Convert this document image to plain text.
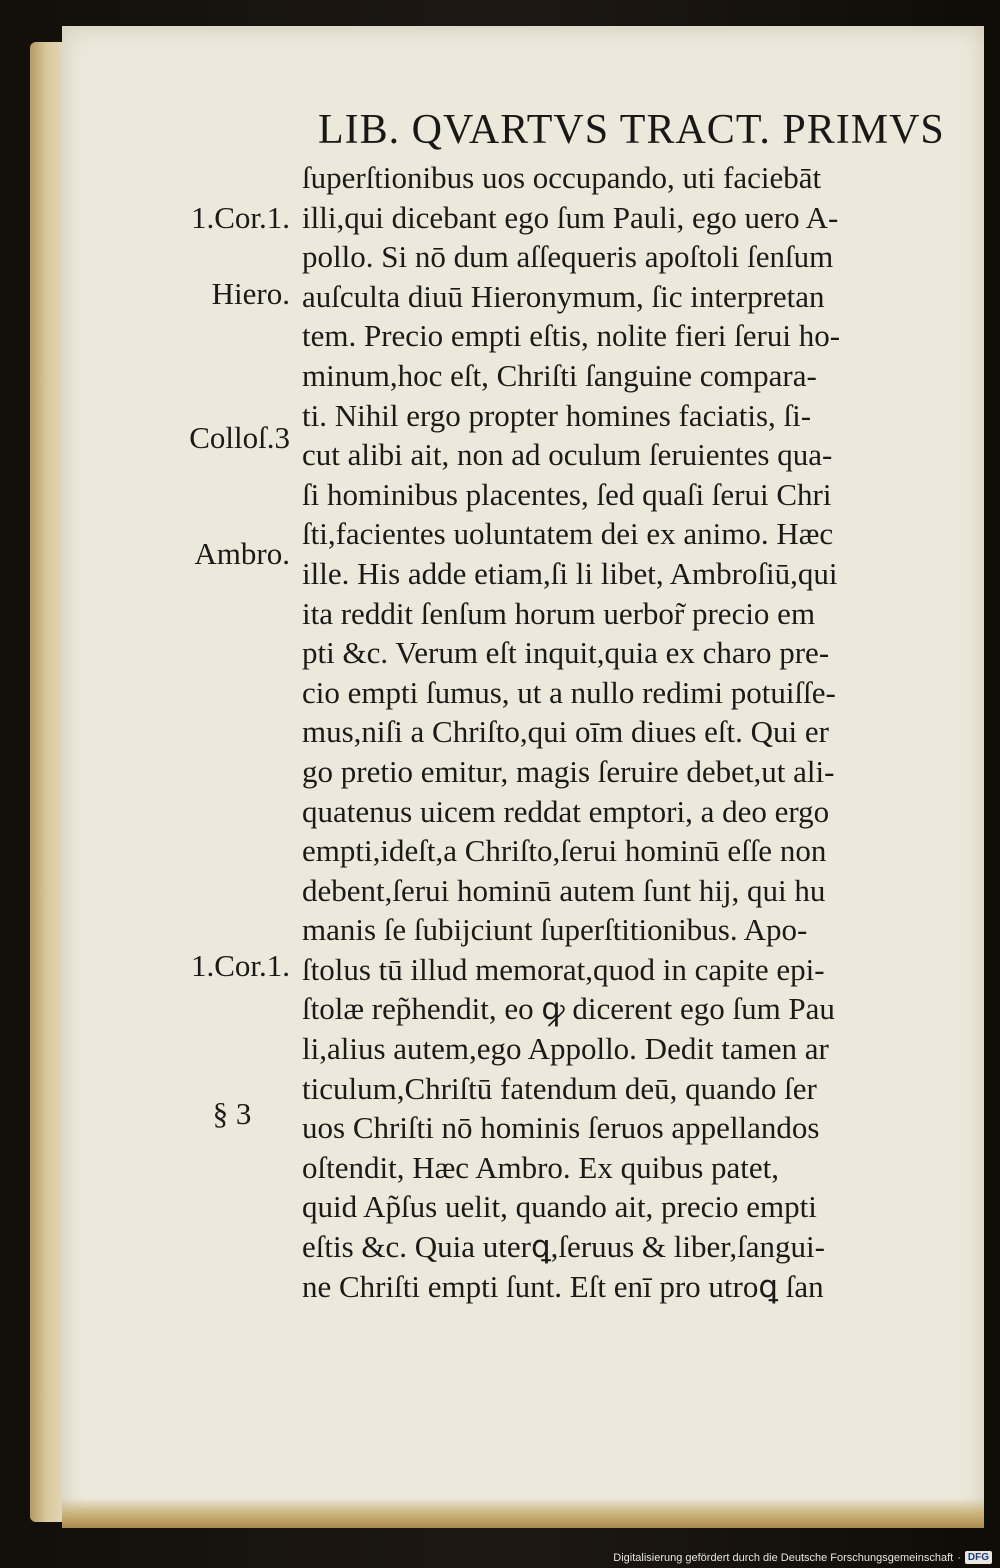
LIB. QVARTVS TRACT. PRIMVS
ſuperſtionibus uos occupando, uti faciebāt
illi,qui dicebant ego ſum Pauli, ego uero A-
pollo. Si nō dum aſſequeris apoſtoli ſenſum
auſculta diuū Hieronymum, ſic interpretan
tem. Precio empti eſtis, nolite fieri ſerui ho-
minum,hoc eſt, Chriſti ſanguine compara-
ti. Nihil ergo propter homines faciatis, ſi-
cut alibi ait, non ad oculum ſeruientes qua-
ſi hominibus placentes, ſed quaſi ſerui Chri
ſti,facientes uoluntatem dei ex animo. Hæc
ille. His adde etiam,ſi li libet, Ambroſiū,qui
ita reddit ſenſum horum uerbor̃ precio em
pti &c. Verum eſt inquit,quia ex charo pre-
cio empti ſumus, ut a nullo redimi potuiſſe-
mus,niſi a Chriſto,qui oīm diues eſt. Qui er
go pretio emitur, magis ſeruire debet,ut ali-
quatenus uicem reddat emptori, a deo ergo
empti,ideſt,a Chriſto,ſerui hominū eſſe non
debent,ſerui hominū autem ſunt hĳ, qui hu
manis ſe ſubĳciunt ſuperſtitionibus. Apo-
ſtolus tū illud memorat,quod in capite epi-
ſtolæ rep̃hendit, eo ꝙ dicerent ego ſum Pau
li,alius autem,ego Appollo. Dedit tamen ar
ticulum,Chriſtū fatendum deū, quando ſer
uos Chriſti nō hominis ſeruos appellandos
oſtendit, Hæc Ambro. Ex quibus patet,
quid Ap̃ſus uelit, quando ait, precio empti
eſtis &c. Quia uterꝗ,ſeruus & liber,ſangui-
ne Chriſti empti ſunt. Eſt enī pro utroꝗ ſan
1.Cor.1.
Hiero.
Colloſ.3
Ambro.
1.Cor.1.
§ 3
Digitalisierung gefördert durch die Deutsche Forschungsgemeinschaft · DFG
